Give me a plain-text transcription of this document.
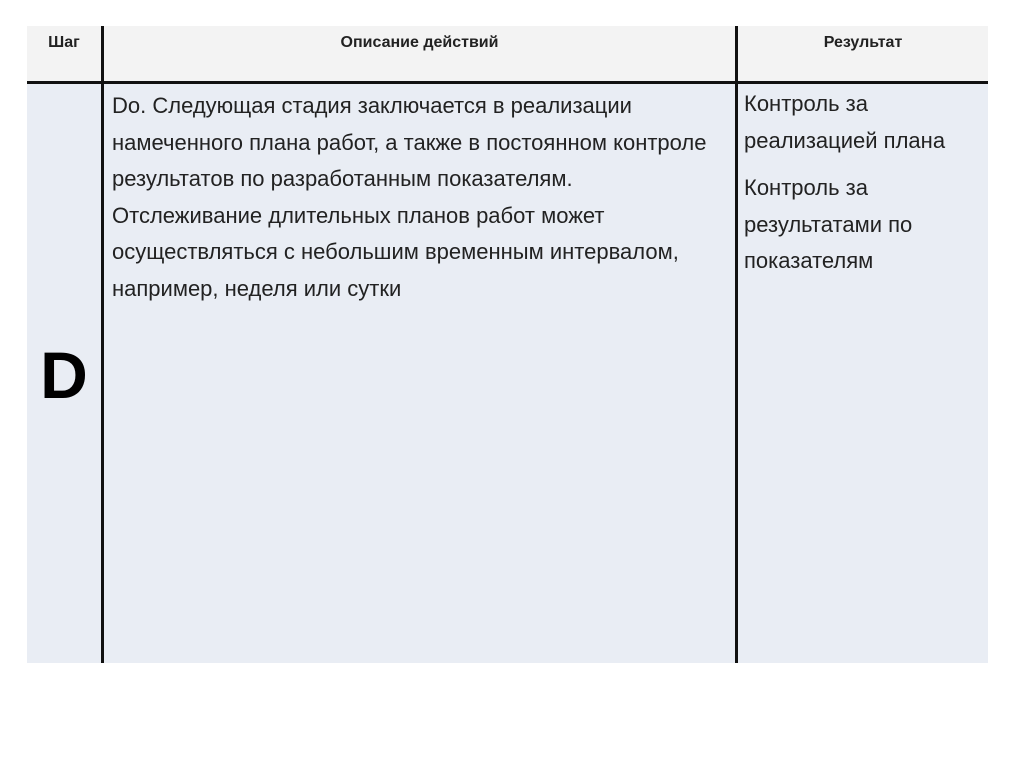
Шаг	Описание действий	Результат
D

Do. Следующая стадия заключается в реализации намеченного плана работ, а также в постоянном контроле результатов по разработанным показателям. Отслеживание длительных планов работ может осуществляться с небольшим временным интервалом, например, неделя или сутки

Контроль за реализацией плана

Контроль за результатами по показателям
